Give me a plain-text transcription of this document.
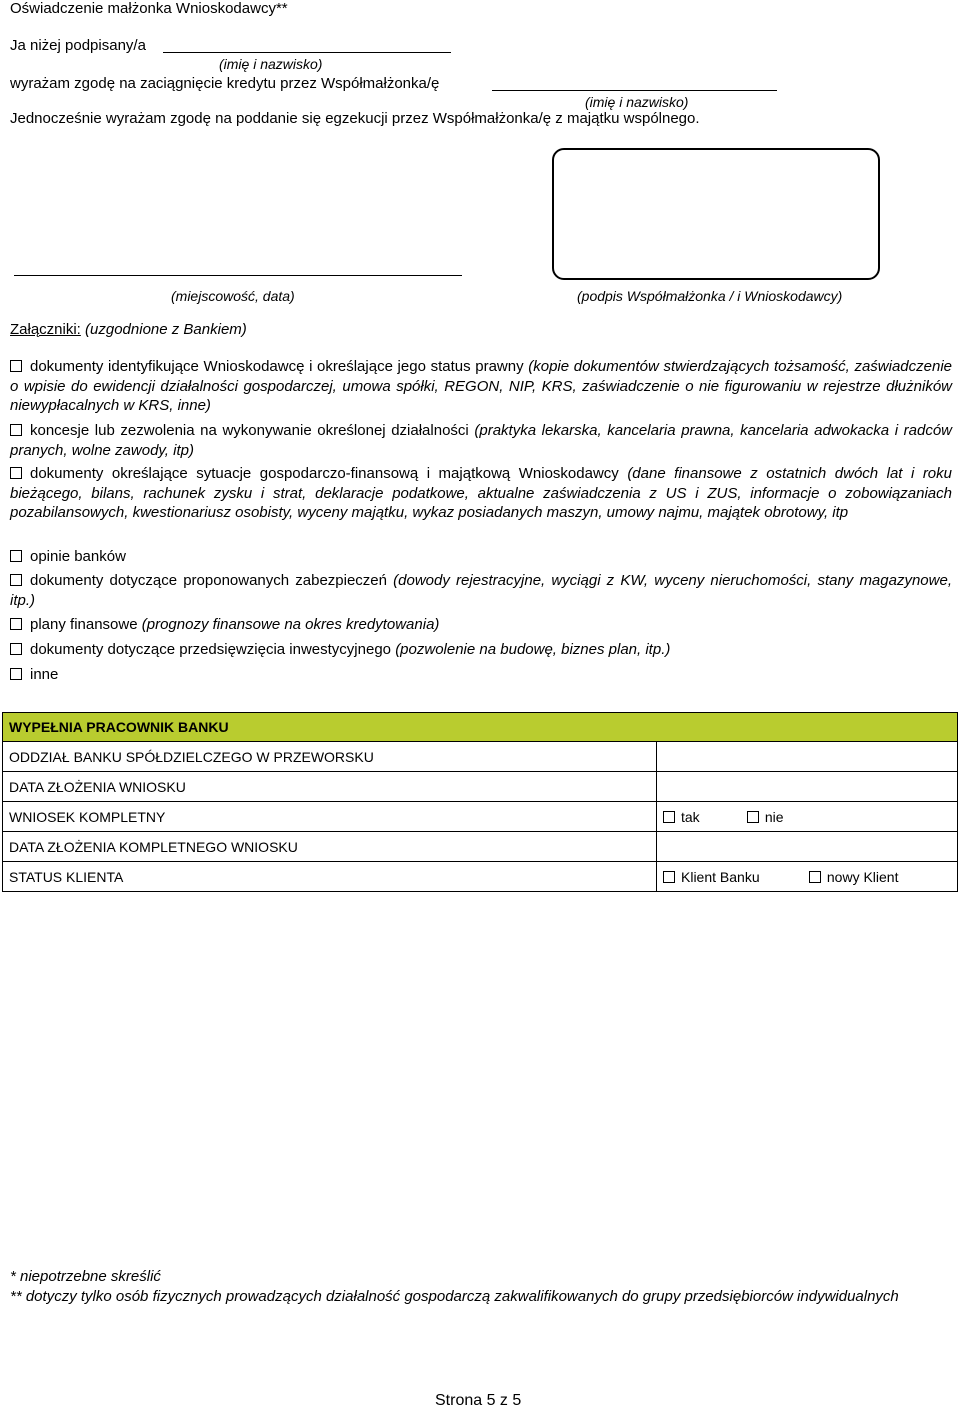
Oświadczenie małżonka Wnioskodawcy**
Ja niżej podpisany/a
(imię i nazwisko)
wyrażam zgodę na zaciągnięcie kredytu przez Współmałżonka/ę
(imię i nazwisko)
Jednocześnie wyrażam zgodę na poddanie się egzekucji przez Współmałżonka/ę z majątku wspólnego.
(miejscowość, data)	(podpis Współmałżonka / i Wnioskodawcy)
Załączniki: (uzgodnione z Bankiem)
dokumenty identyfikujące Wnioskodawcę i określające jego status prawny (kopie dokumentów stwierdzających tożsamość, zaświadczenie o wpisie do ewidencji działalności gospodarczej, umowa spółki, REGON, NIP, KRS, zaświadczenie o nie figurowaniu w rejestrze dłużników niewypłacalnych w KRS, inne)
koncesje lub zezwolenia na wykonywanie określonej działalności (praktyka lekarska, kancelaria prawna, kancelaria adwokacka i radców pranych, wolne zawody, itp)
dokumenty określające sytuacje gospodarczo-finansową i majątkową Wnioskodawcy (dane finansowe z ostatnich dwóch lat i roku bieżącego, bilans, rachunek zysku i strat, deklaracje podatkowe, aktualne zaświadczenia z US i ZUS, informacje o zobowiązaniach pozabilansowych, kwestionariusz osobisty, wyceny majątku, wykaz posiadanych maszyn, umowy najmu, majątek obrotowy, itp
opinie banków
dokumenty dotyczące proponowanych zabezpieczeń (dowody rejestracyjne, wyciągi z KW, wyceny nieruchomości, stany magazynowe, itp.)
plany finansowe (prognozy finansowe na okres kredytowania)
dokumenty dotyczące przedsięwzięcia inwestycyjnego (pozwolenie na budowę, biznes plan, itp.)
inne
WYPEŁNIA PRACOWNIK BANKU	
ODDZIAŁ BANKU SPÓŁDZIELCZEGO W PRZEWORSKU	
DATA ZŁOŻENIA WNIOSKU	
WNIOSEK KOMPLETNY	tak nie
DATA ZŁOŻENIA KOMPLETNEGO WNIOSKU	
STATUS KLIENTA	Klient Banku nowy Klient
* niepotrzebne skreślić
** dotyczy tylko osób fizycznych prowadzących działalność gospodarczą zakwalifikowanych do grupy przedsiębiorców indywidualnych
Strona 5 z 5
